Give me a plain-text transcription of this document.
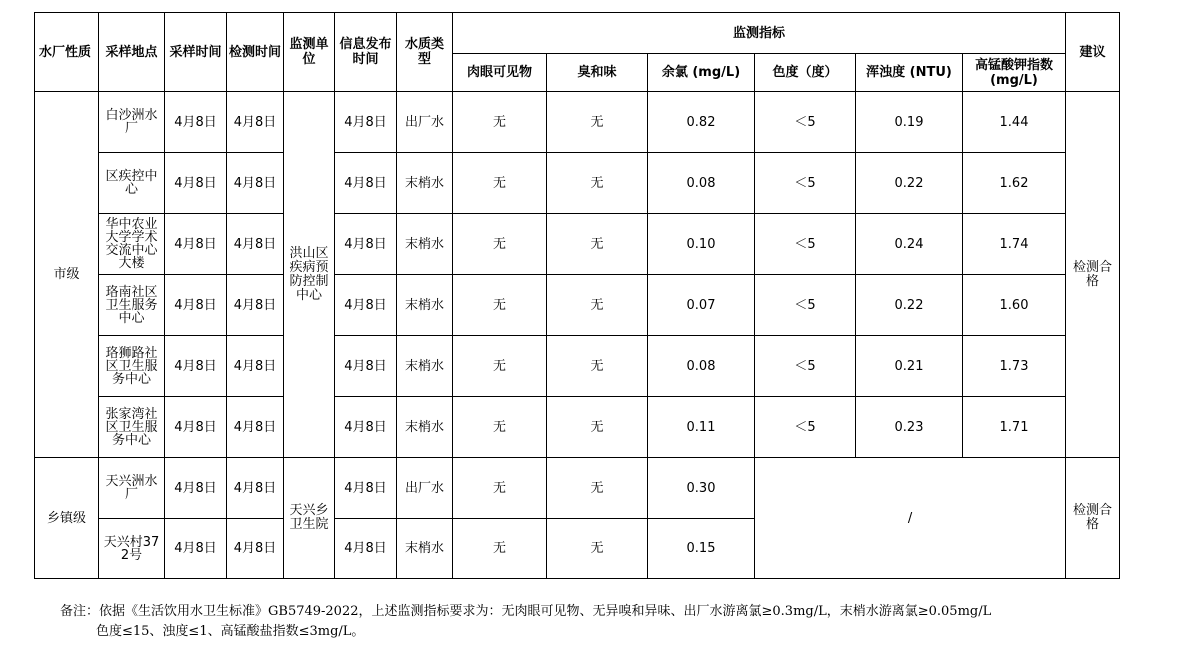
水厂性质	采样地点	采样时间	检测时间	监测单位	信息发布时间	水质类型	监测指标						建议
							肉眼可见物	臭和味	余氯 (mg/L)	色度（度）	浑浊度 (NTU)	高锰酸钾指数(mg/L)	
市级	白沙洲水厂	4月8日	4月8日	洪山区疾病预防控制中心	4月8日	出厂水	无	无	0.82	＜5	0.19	1.44	检测合格
	区疾控中心	4月8日	4月8日		4月8日	末梢水	无	无	0.08	＜5	0.22	1.62	
	华中农业大学学术交流中心大楼	4月8日	4月8日		4月8日	末梢水	无	无	0.10	＜5	0.24	1.74	
	珞南社区卫生服务中心	4月8日	4月8日		4月8日	末梢水	无	无	0.07	＜5	0.22	1.60	
	珞狮路社区卫生服务中心	4月8日	4月8日		4月8日	末梢水	无	无	0.08	＜5	0.21	1.73	
	张家湾社区卫生服务中心	4月8日	4月8日		4月8日	末梢水	无	无	0.11	＜5	0.23	1.71	
乡镇级	天兴洲水厂	4月8日	4月8日	天兴乡卫生院	4月8日	出厂水	无	无	0.30	/			检测合格
	天兴村372号	4月8日	4月8日		4月8日	末梢水	无	无	0.15				
备注：依据《生活饮用水卫生标准》GB5749-2022，上述监测指标要求为：无肉眼可见物、无异嗅和异味、出厂水游离氯≥0.3mg/L，末梢水游离氯≥0.05mg/L
色度≤15、浊度≤1、高锰酸盐指数≤3mg/L。
